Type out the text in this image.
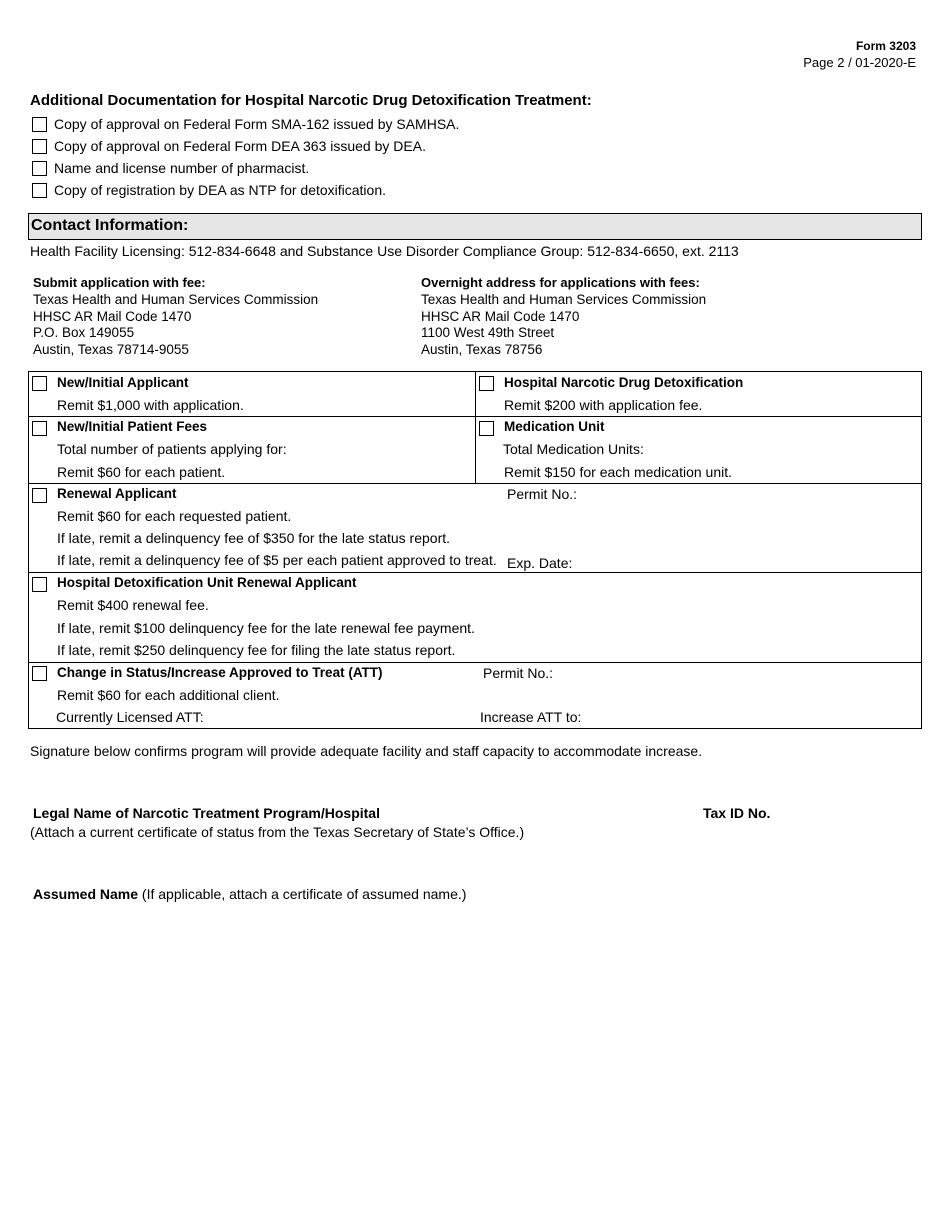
Form 3203
Page 2 / 01-2020-E
Additional Documentation for Hospital Narcotic Drug Detoxification Treatment:
Copy of approval on Federal Form SMA-162 issued by SAMHSA.
Copy of approval on Federal Form DEA 363 issued by DEA.
Name and license number of pharmacist.
Copy of registration by DEA as NTP for detoxification.
Contact Information:
Health Facility Licensing: 512-834-6648 and Substance Use Disorder Compliance Group: 512-834-6650, ext. 2113
Submit application with fee:
Texas Health and Human Services Commission
HHSC AR Mail Code 1470
P.O. Box 149055
Austin, Texas 78714-9055
Overnight address for applications with fees:
Texas Health and Human Services Commission
HHSC AR Mail Code 1470
1100 West 49th Street
Austin, Texas 78756
New/Initial Applicant
Remit $1,000 with application.
Hospital Narcotic Drug Detoxification
Remit $200 with application fee.
New/Initial Patient Fees
Total number of patients applying for:
Remit $60 for each patient.
Medication Unit
Total Medication Units:
Remit $150 for each medication unit.
Renewal Applicant	Permit No.:
Remit $60 for each requested patient.
If late, remit a delinquency fee of $350 for the late status report.
If late, remit a delinquency fee of $5 per each patient approved to treat. Exp. Date:
Hospital Detoxification Unit Renewal Applicant
Remit $400 renewal fee.
If late, remit $100 delinquency fee for the late renewal fee payment.
If late, remit $250 delinquency fee for filing the late status report.
Change in Status/Increase Approved to Treat (ATT)	Permit No.:
Remit $60 for each additional client.
Currently Licensed ATT:	Increase ATT to:
Signature below confirms program will provide adequate facility and staff capacity to accommodate increase.
Legal Name of Narcotic Treatment Program/Hospital	Tax ID No.
(Attach a current certificate of status from the Texas Secretary of State’s Office.)
Assumed Name (If applicable, attach a certificate of assumed name.)
